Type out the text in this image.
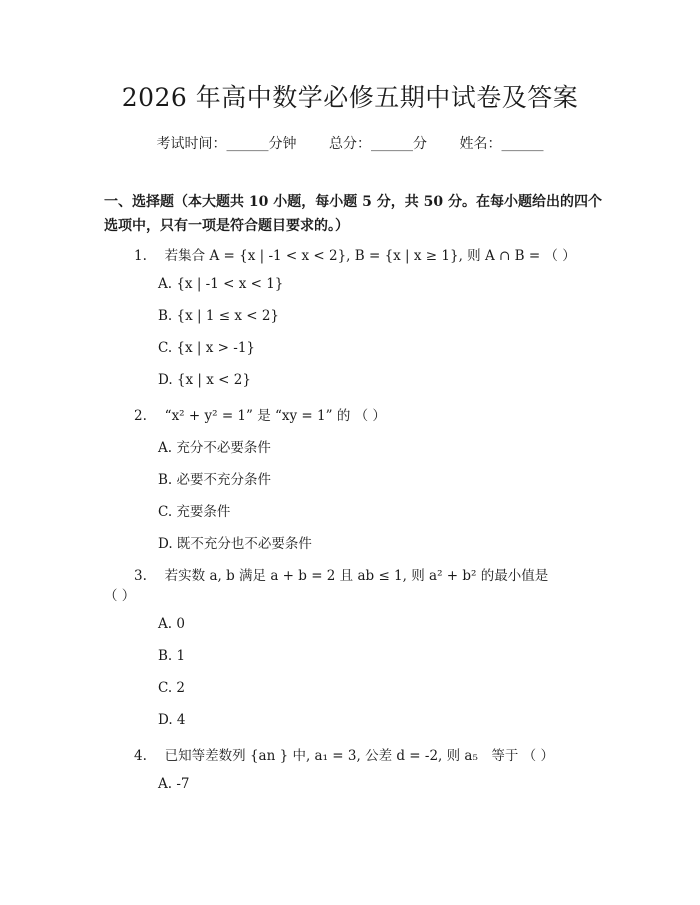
2026 年高中数学必修五期中试卷及答案
考试时间：______分钟 总分：______分 姓名：______
一、选择题（本大题共 10 小题，每小题 5 分，共 50 分。在每小题给出的四个选项中，只有一项是符合题目要求的。）
1.　 若集合 A = {x | -1 < x < 2}, B = {x | x ≥ 1}, 则 A ∩ B = （ ）
A. {x | -1 < x < 1}
B. {x | 1 ≤ x < 2}
C. {x | x > -1}
D. {x | x < 2}
2.　 “x² + y² = 1” 是 “xy = 1” 的 （ ）
A. 充分不必要条件
B. 必要不充分条件
C. 充要条件
D. 既不充分也不必要条件
3.　 若实数 a, b 满足 a + b = 2 且 ab ≤ 1, 则 a² + b² 的最小值是
（ ）
A. 0
B. 1
C. 2
D. 4
4.　 已知等差数列 {an } 中, a₁ = 3, 公差 d = -2, 则 a₅　等于 （ ）
A. -7
